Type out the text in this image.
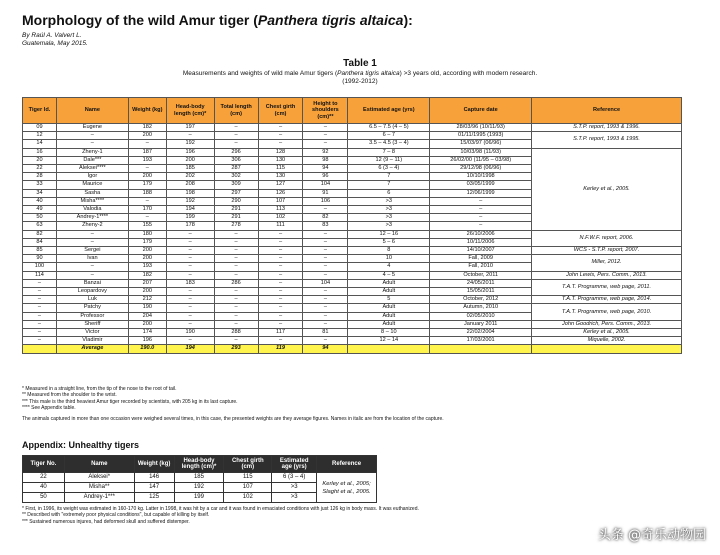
Morphology of the wild Amur tiger (Panthera tigris altaica):
By Raúl A. Valvert L.
Guatemala, May 2015.
Table 1
Measurements and weights of wild male Amur tigers (Panthera tigris altaica) >3 years old, according with modern research.
(1992-2012)
Tiger Id.	Name	Weight (kg)	Head-body length (cm)*	Total length (cm)	Chest girth (cm)	Height to shoulders (cm)**	Estimated age (yrs)	Capture date	Reference
09	Eugene	182	197	–	–	–	6.5 – 7.5 (4 – 5)	28/03/96 (10/11/93)	S.T.P. report, 1993 & 1996.
12	–	200	–	–	–	–	6 – 7	01/11/1995 (1993)	S.T.P. report, 1993 & 1995.
14	–	–	192	–	–	–	3.5 – 4.5 (3 – 4)	15/03/97 (06/96)	
16	Zheny-1	187	196	296	128	92	7 – 8	10/03/98 (11/93)	Kerley et al., 2005.
20	Dale***	193	200	306	130	98	12 (9 – 11)	26/02/00 (11/95 – 03/98)	
22	Aleksei****	–	185	287	115	94	6 (3 – 4)	29/12/98 (06/96)	
28	Igor	200	202	302	130	96	7	10/10/1998	
33	Maurice	179	208	309	127	104	7	03/05/1999	
34	Sasha	188	198	297	126	91	6	12/06/1999	
40	Misha****	–	192	290	107	106	>3	–	
49	Valodia	170	194	291	113	–	>3	–	
50	Andrey-1****	–	199	291	102	82	>3	–	
63	Zheny-2	155	178	278	111	83	>3	–	
82	–	180	–	–	–	–	12 – 16	26/10/2006	N.F.W.F. report, 2006.
84	–	179	–	–	–	–	5 – 6	10/11/2006	
85	Sergei	200	–	–	–	–	8	14/10/2007	WCS - S.T.P. report, 2007.
90	Ivan	200	–	–	–	–	10	Fall, 2009	Miller, 2012.
100	–	193	–	–	–	–	4	Fall, 2010	
114	–	182	–	–	–	–	4 – 5	October, 2011	John Lewis, Pers. Comm., 2013.
–	Banzai	207	183	286	–	104	Adult	24/05/2011	T.A.T. Programme, web page, 2011.
–	Leopardovy	200	–	–	–	–	Adult	15/05/2011	
–	Luk	212	–	–	–	–	5	October, 2012	T.A.T. Programme, web page, 2014.
–	Patchy	190	–	–	–	–	Adult	Autumn, 2010	T.A.T. Programme, web page, 2010.
–	Professor	204	–	–	–	–	Adult	02/05/2010	
–	Sheriff	200	–	–	–	–	Adult	January 2011	John Goodrich, Pers. Comm., 2013.
–	Victor	174	190	288	117	81	8 – 10	22/02/2004	Kerley et al., 2005.
–	Vladimir	196	–	–	–	–	12 – 14	17/03/2001	Miquelle, 2002.
	Average	190.0	194	293	119	94			
* Measured in a straight line, from the tip of the nose to the root of tail.
** Measured from the shoulder to the wrist.
*** This male is the third heaviest Amur tiger recorded by scientists, with 205 kg in its last capture.
**** See Appendix table.
The animals captured in more than one occasion were weighed several times, in this case, the presented weights are they average figures. Names in italic are from the location of the capture.
Appendix: Unhealthy tigers
Tiger No.	Name	Weight (kg)	Head-body length (cm)*	Chest girth (cm)	Estimated age (yrs)	Reference
22	Aleksei*	146	185	115	6 (3 – 4)	Kerley et al., 2005; Slaght et al., 2005.
40	Misha**	147	192	107	>3	
50	Andrey-1***	125	199	102	>3	
* First, in 1996, its weight was estimated in 160-170 kg. Latter in 1998, it was hit by a car and it was found in emaciated conditions with just 126 kg in body mass. It was euthanized.
** Described with "extremely poor physical conditions", but capable of killing by itself.
*** Sustained numerous injures, had deformed skull and suffered distemper.
头条 @奇乐动物园
